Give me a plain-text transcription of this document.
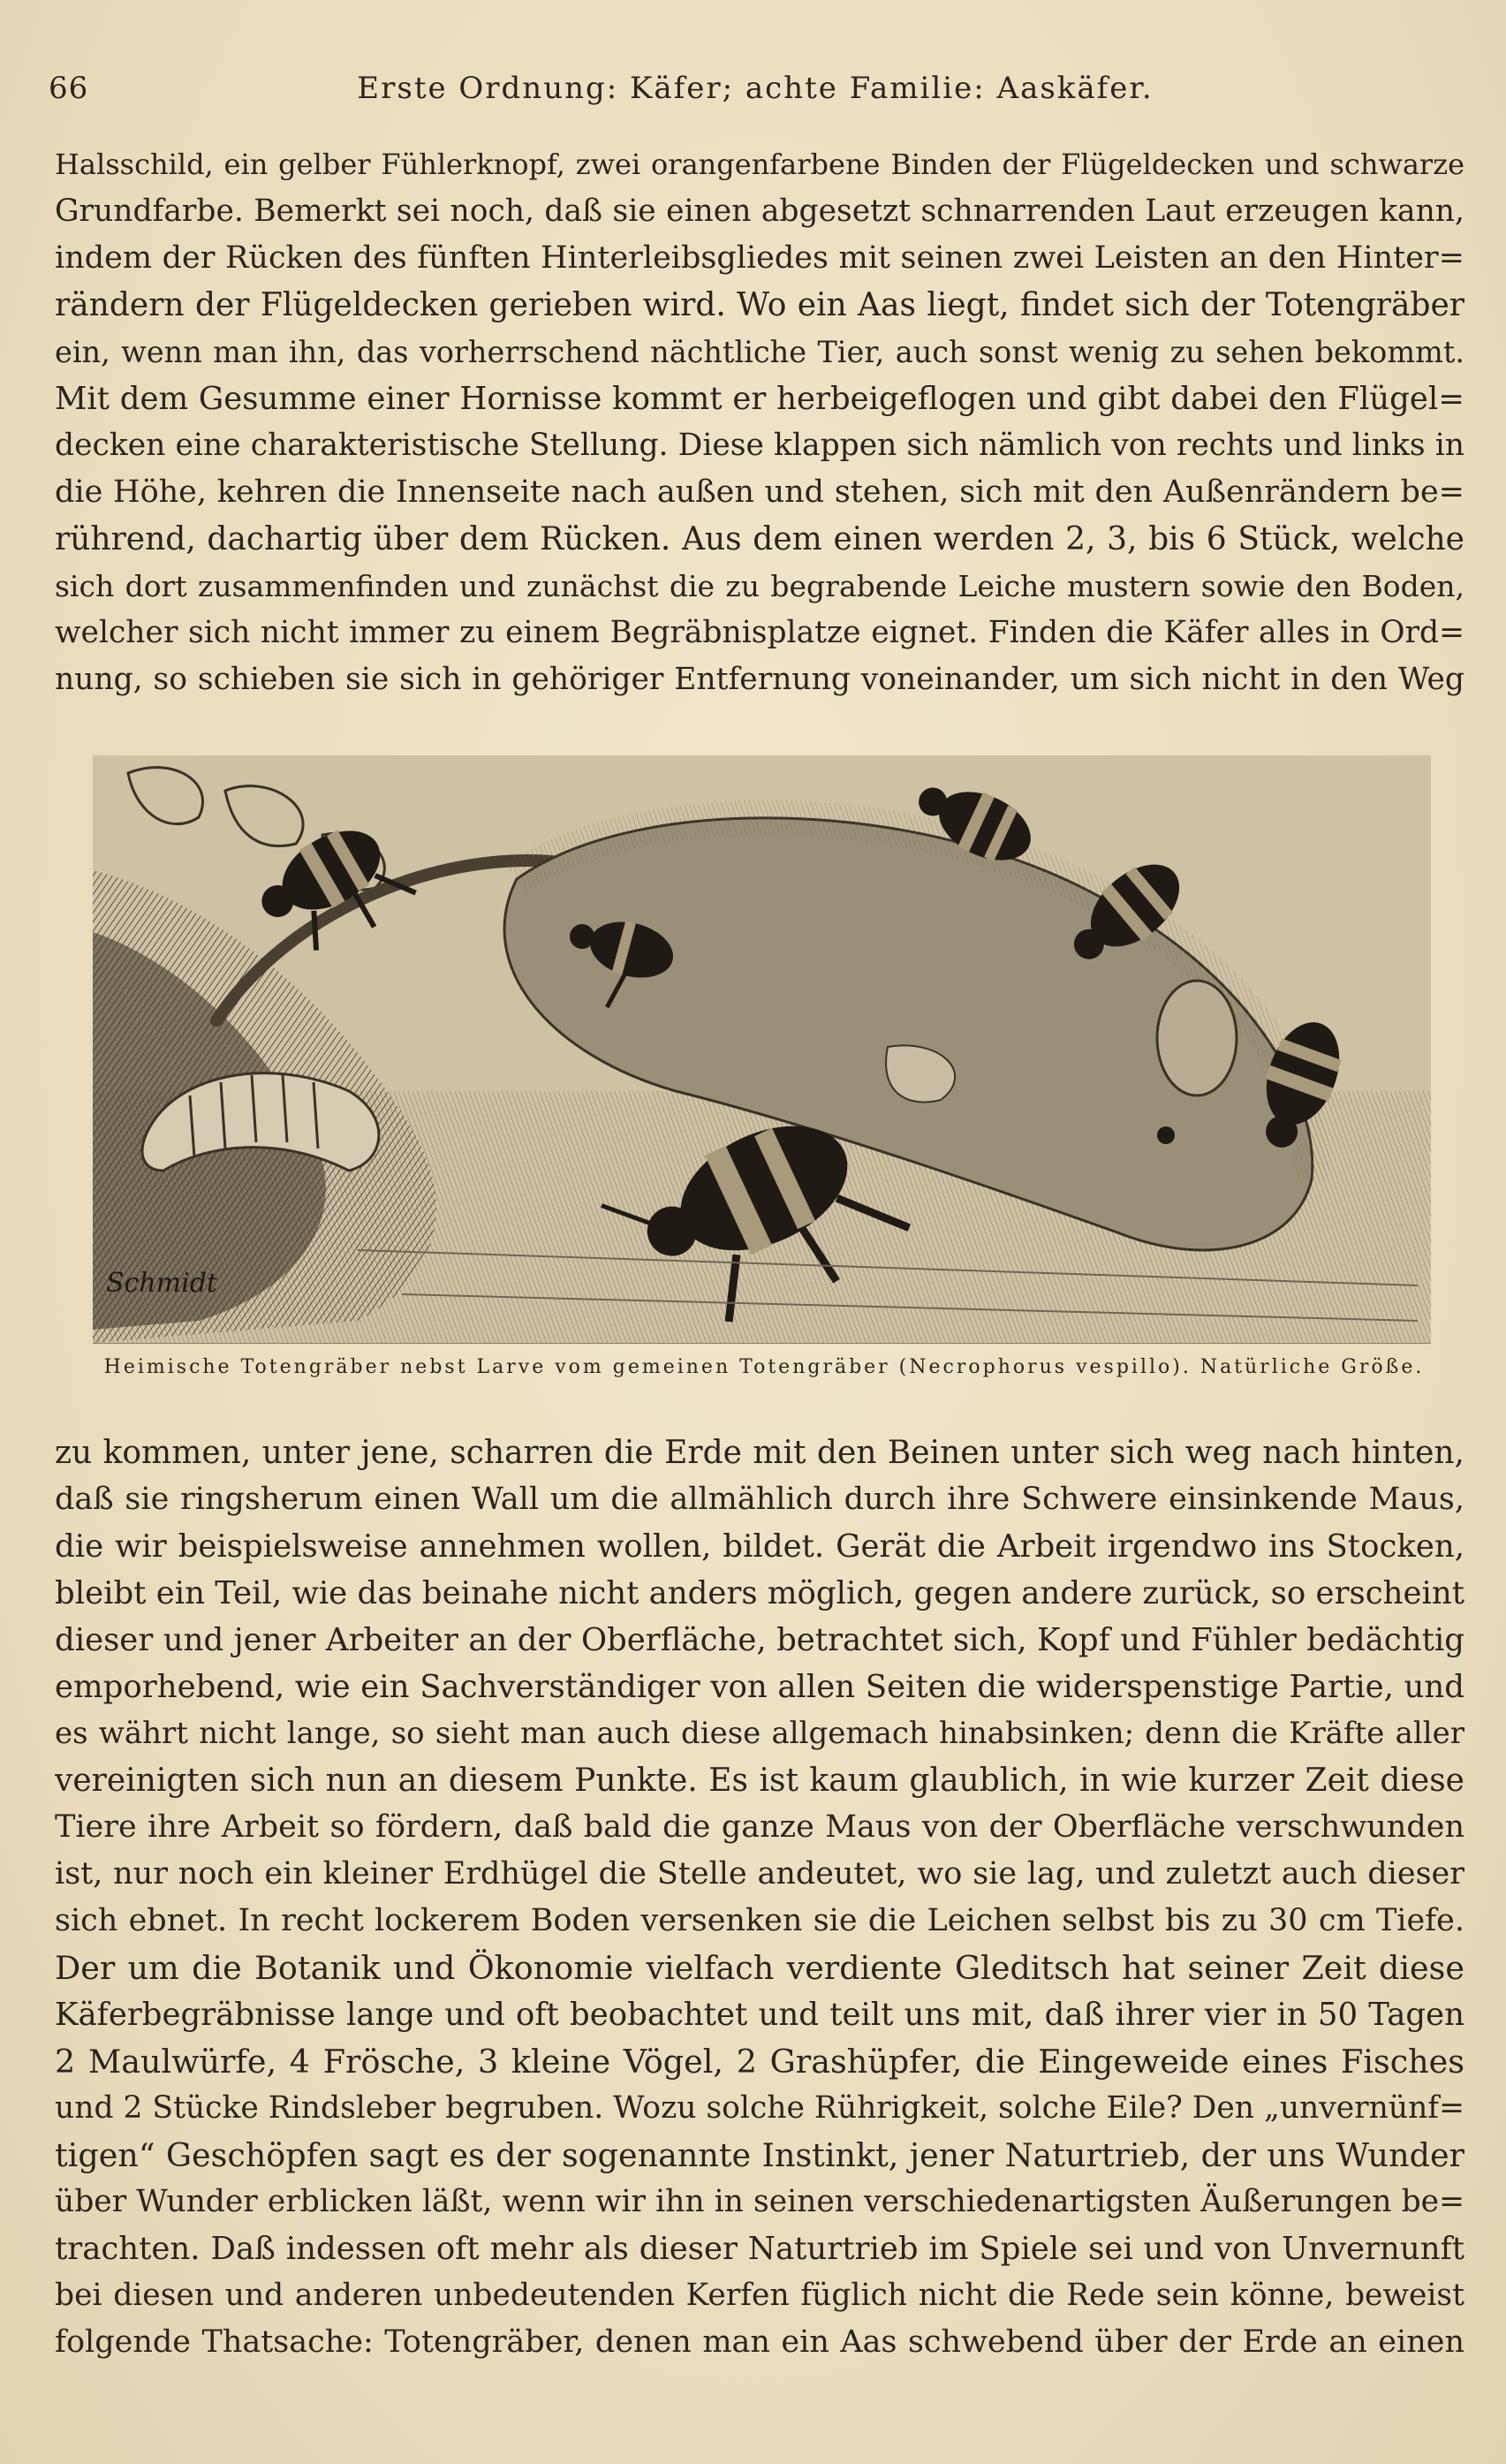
66	Erste Ordnung: Käfer; achte Familie: Aaskäfer.
Halsschild, ein gelber Fühlerknopf, zwei orangenfarbene Binden der Flügeldecken und schwarze
Grundfarbe. Bemerkt sei noch, daß sie einen abgesetzt schnarrenden Laut erzeugen kann,
indem der Rücken des fünften Hinterleibsgliedes mit seinen zwei Leisten an den Hinter=
rändern der Flügeldecken gerieben wird. Wo ein Aas liegt, findet sich der Totengräber
ein, wenn man ihn, das vorherrschend nächtliche Tier, auch sonst wenig zu sehen bekommt.
Mit dem Gesumme einer Hornisse kommt er herbeigeflogen und gibt dabei den Flügel=
decken eine charakteristische Stellung. Diese klappen sich nämlich von rechts und links in
die Höhe, kehren die Innenseite nach außen und stehen, sich mit den Außenrändern be=
rührend, dachartig über dem Rücken. Aus dem einen werden 2, 3, bis 6 Stück, welche
sich dort zusammenfinden und zunächst die zu begrabende Leiche mustern sowie den Boden,
welcher sich nicht immer zu einem Begräbnisplatze eignet. Finden die Käfer alles in Ord=
nung, so schieben sie sich in gehöriger Entfernung voneinander, um sich nicht in den Weg
Schmidt
Heimische Totengräber nebst Larve vom gemeinen Totengräber (Necrophorus vespillo). Natürliche Größe.
zu kommen, unter jene, scharren die Erde mit den Beinen unter sich weg nach hinten,
daß sie ringsherum einen Wall um die allmählich durch ihre Schwere einsinkende Maus,
die wir beispielsweise annehmen wollen, bildet. Gerät die Arbeit irgendwo ins Stocken,
bleibt ein Teil, wie das beinahe nicht anders möglich, gegen andere zurück, so erscheint
dieser und jener Arbeiter an der Oberfläche, betrachtet sich, Kopf und Fühler bedächtig
emporhebend, wie ein Sachverständiger von allen Seiten die widerspenstige Partie, und
es währt nicht lange, so sieht man auch diese allgemach hinabsinken; denn die Kräfte aller
vereinigten sich nun an diesem Punkte. Es ist kaum glaublich, in wie kurzer Zeit diese
Tiere ihre Arbeit so fördern, daß bald die ganze Maus von der Oberfläche verschwunden
ist, nur noch ein kleiner Erdhügel die Stelle andeutet, wo sie lag, und zuletzt auch dieser
sich ebnet. In recht lockerem Boden versenken sie die Leichen selbst bis zu 30 cm Tiefe.
Der um die Botanik und Ökonomie vielfach verdiente Gleditsch hat seiner Zeit diese
Käferbegräbnisse lange und oft beobachtet und teilt uns mit, daß ihrer vier in 50 Tagen
2 Maulwürfe, 4 Frösche, 3 kleine Vögel, 2 Grashüpfer, die Eingeweide eines Fisches
und 2 Stücke Rindsleber begruben. Wozu solche Rührigkeit, solche Eile? Den „unvernünf=
tigen“ Geschöpfen sagt es der sogenannte Instinkt, jener Naturtrieb, der uns Wunder
über Wunder erblicken läßt, wenn wir ihn in seinen verschiedenartigsten Äußerungen be=
trachten. Daß indessen oft mehr als dieser Naturtrieb im Spiele sei und von Unvernunft
bei diesen und anderen unbedeutenden Kerfen füglich nicht die Rede sein könne, beweist
folgende Thatsache: Totengräber, denen man ein Aas schwebend über der Erde an einen
